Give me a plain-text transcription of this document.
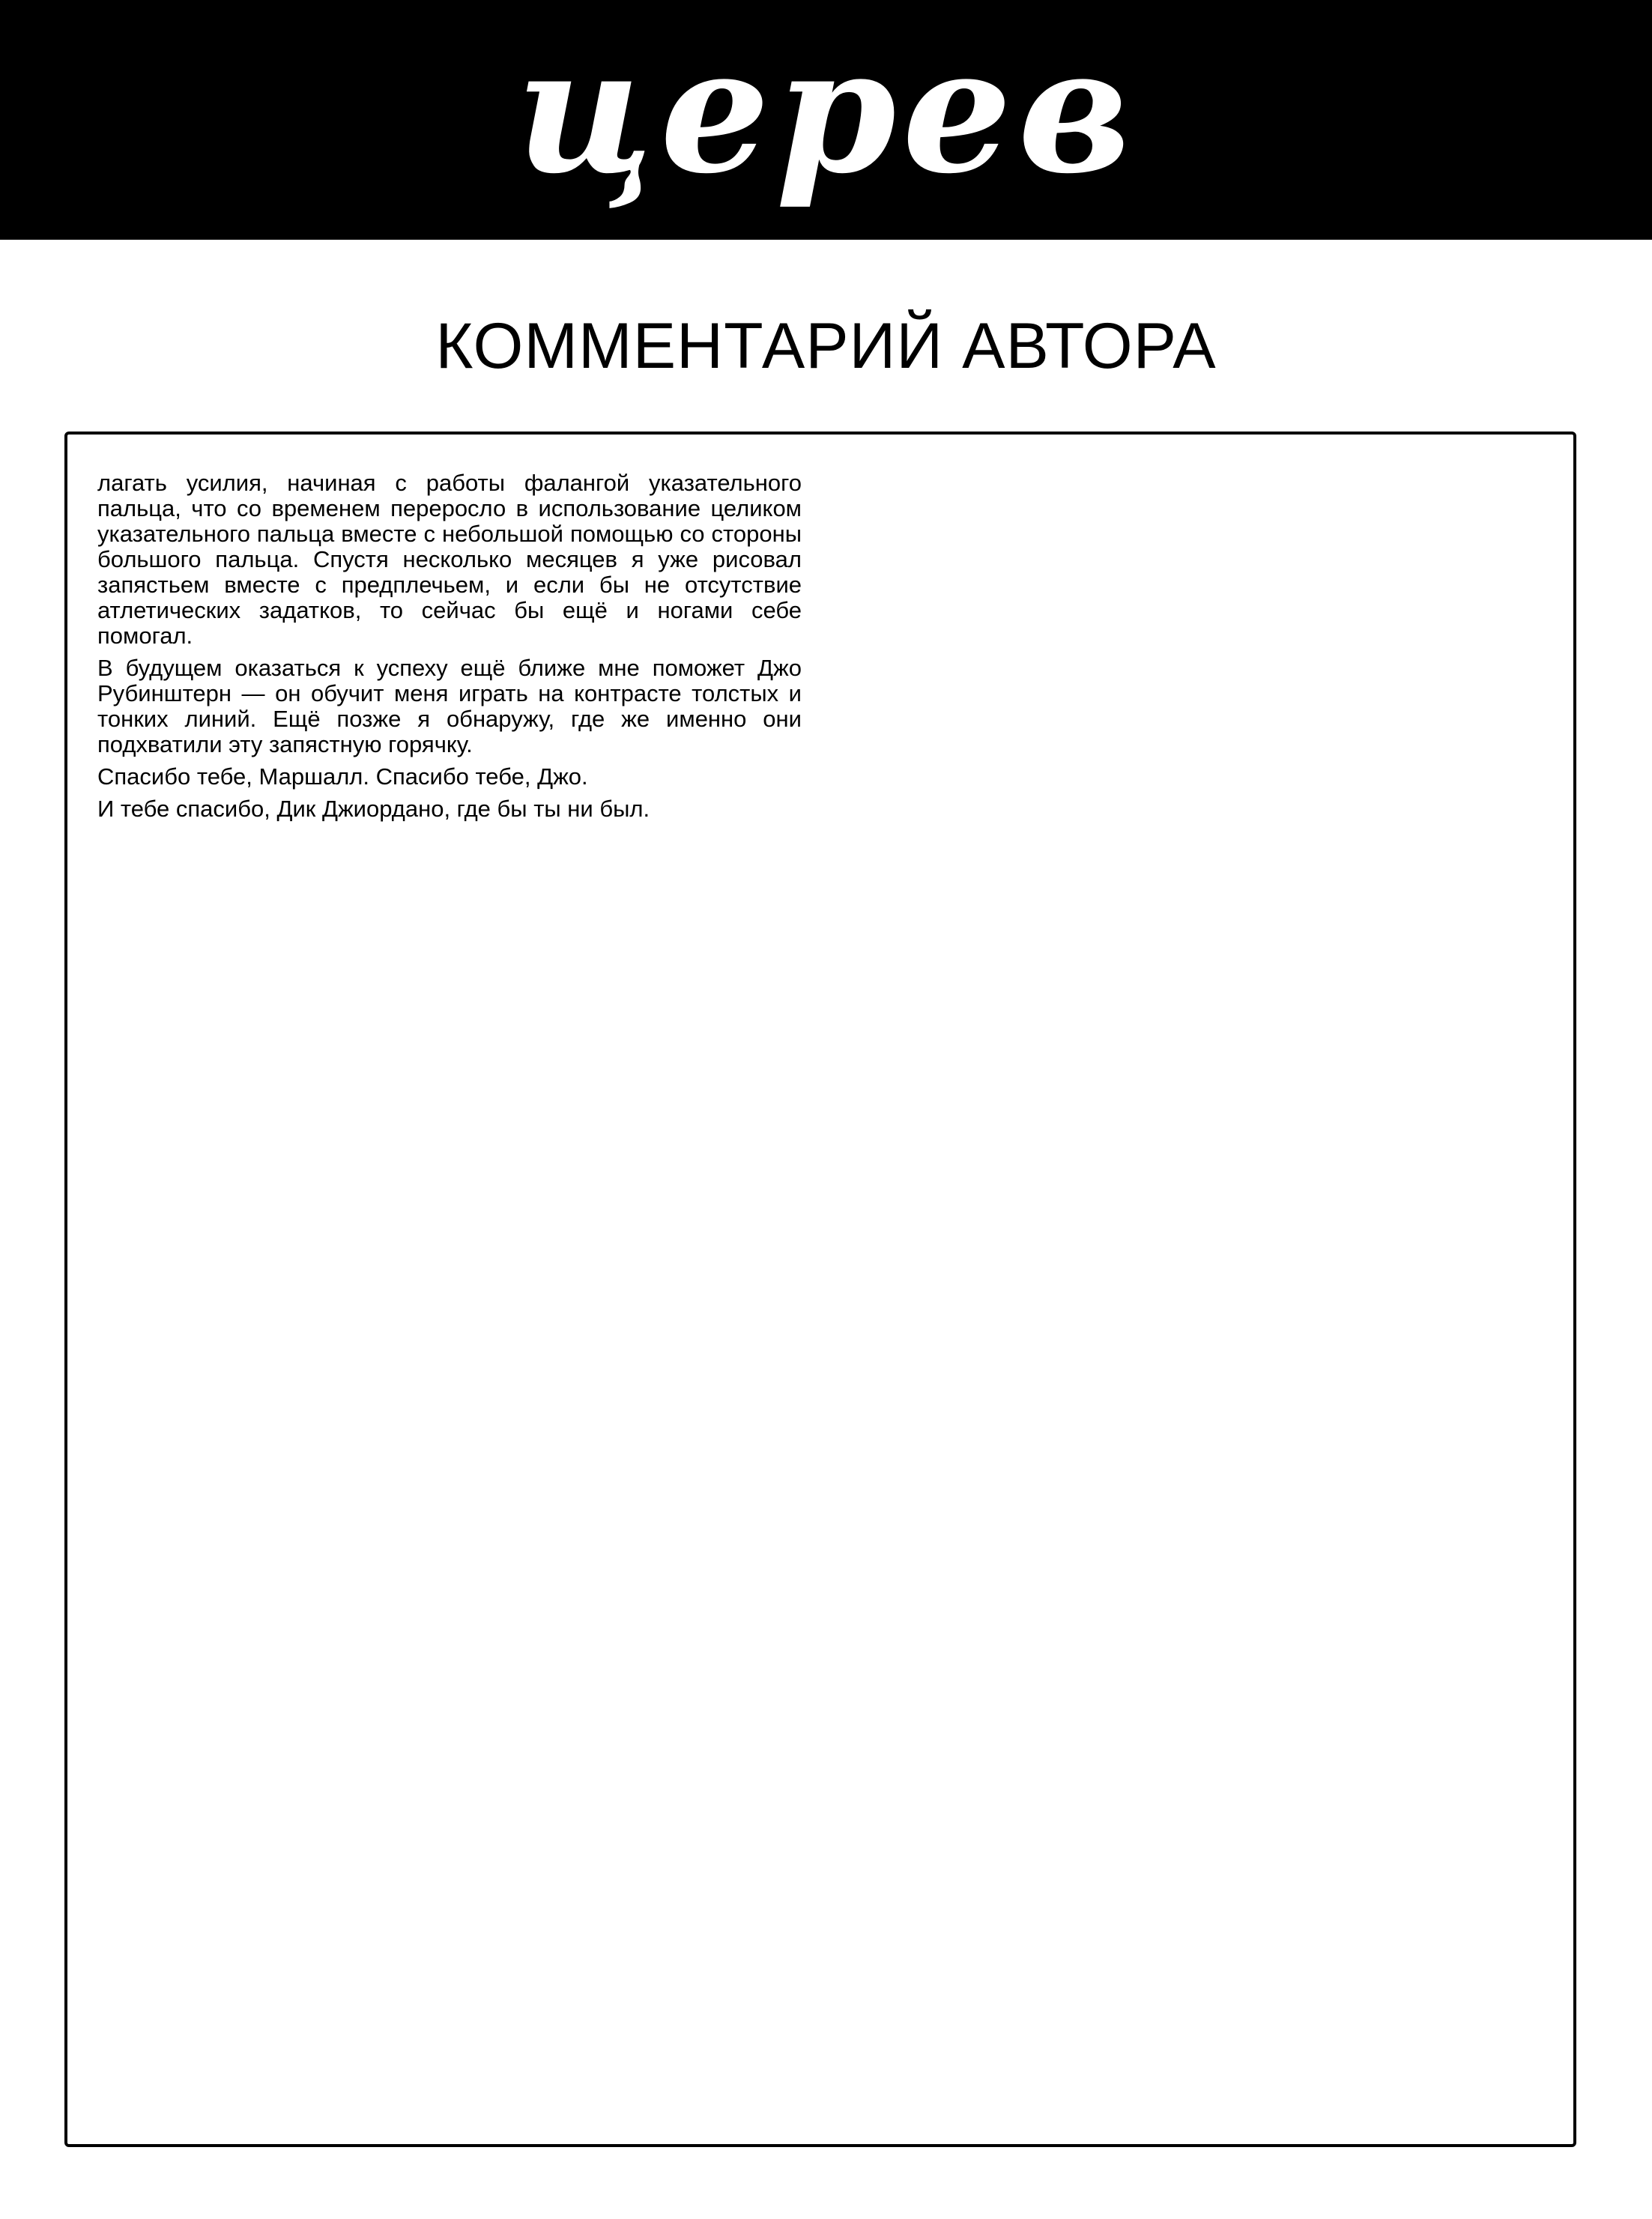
церев
КОММЕНТАРИЙ АВТОРА

лагать усилия, начиная с работы фалангой указательного пальца, что со временем переросло в использование целиком указательного пальца вместе с небольшой помощью со стороны большого пальца. Спустя несколько месяцев я уже рисовал запястьем вместе с предплечьем, и если бы не отсутствие атлетических задатков, то сейчас бы ещё и ногами себе помогал.

В будущем оказаться к успеху ещё ближе мне поможет Джо Рубинштерн — он обучит меня играть на контрасте толстых и тонких линий. Ещё позже я обнаружу, где же именно они подхватили эту запястную горячку.

Спасибо тебе, Маршалл. Спасибо тебе, Джо.

И тебе спасибо, Дик Джиордано, где бы ты ни был.
